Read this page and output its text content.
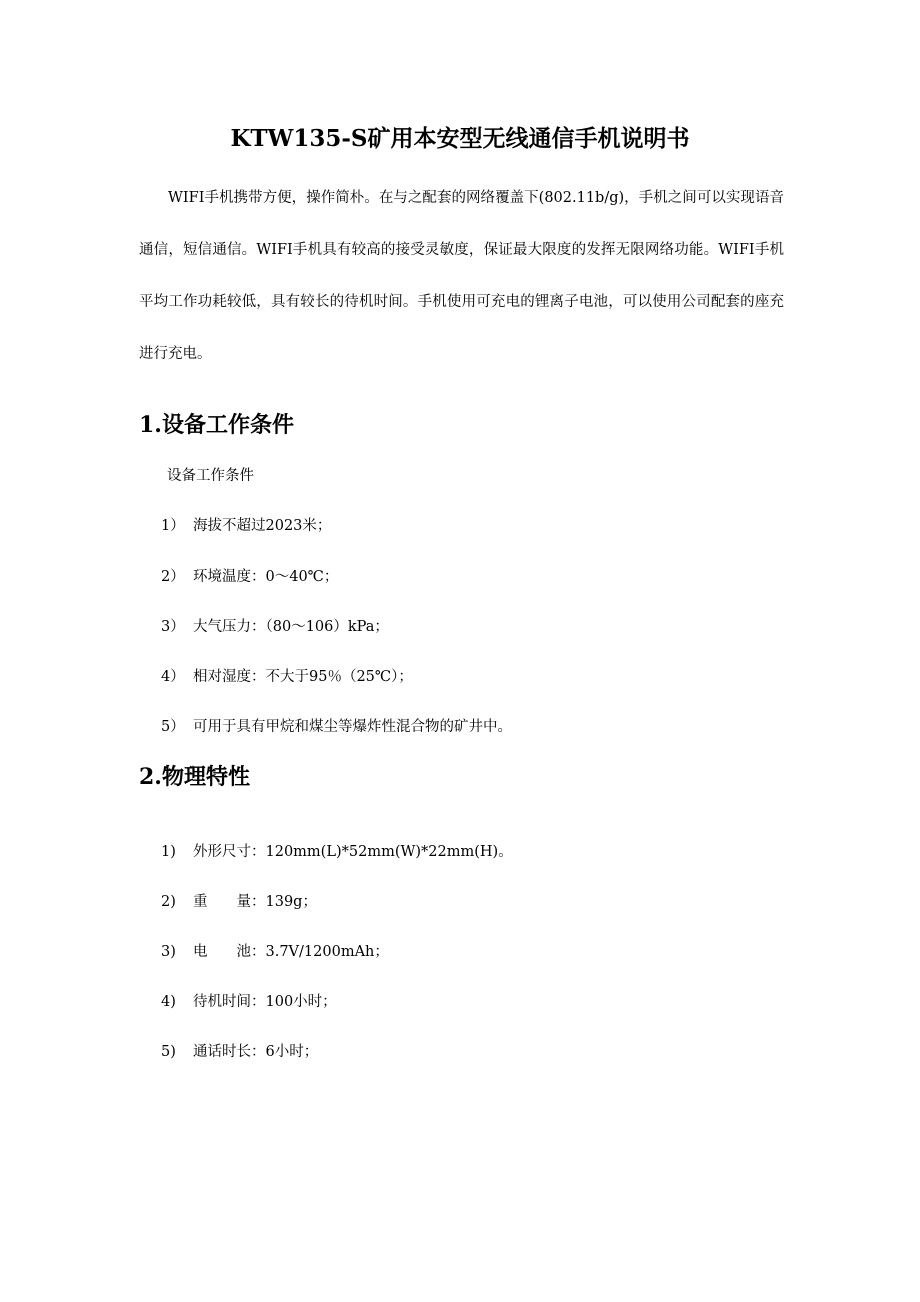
KTW135-S矿用本安型无线通信手机说明书

WIFI手机携带方便，操作简朴。在与之配套的网络覆盖下(802.11b/g)，手机之间可以实现语音通信，短信通信。WIFI手机具有较高的接受灵敏度，保证最大限度的发挥无限网络功能。WIFI手机平均工作功耗较低，具有较长的待机时间。手机使用可充电的锂离子电池，可以使用公司配套的座充进行充电。

1.设备工作条件

设备工作条件

1） 海拔不超过2023米；

2） 环境温度：0～40℃；

3） 大气压力：（80～106）kPa；

4） 相对湿度：不大于95％（25℃）；

5） 可用于具有甲烷和煤尘等爆炸性混合物的矿井中。

2.物理特性

1) 外形尺寸：120mm(L)*52mm(W)*22mm(H)。

2) 重　　量：139g；

3) 电　　池：3.7V/1200mAh；

4) 待机时间：100小时；

5) 通话时长：6小时；
